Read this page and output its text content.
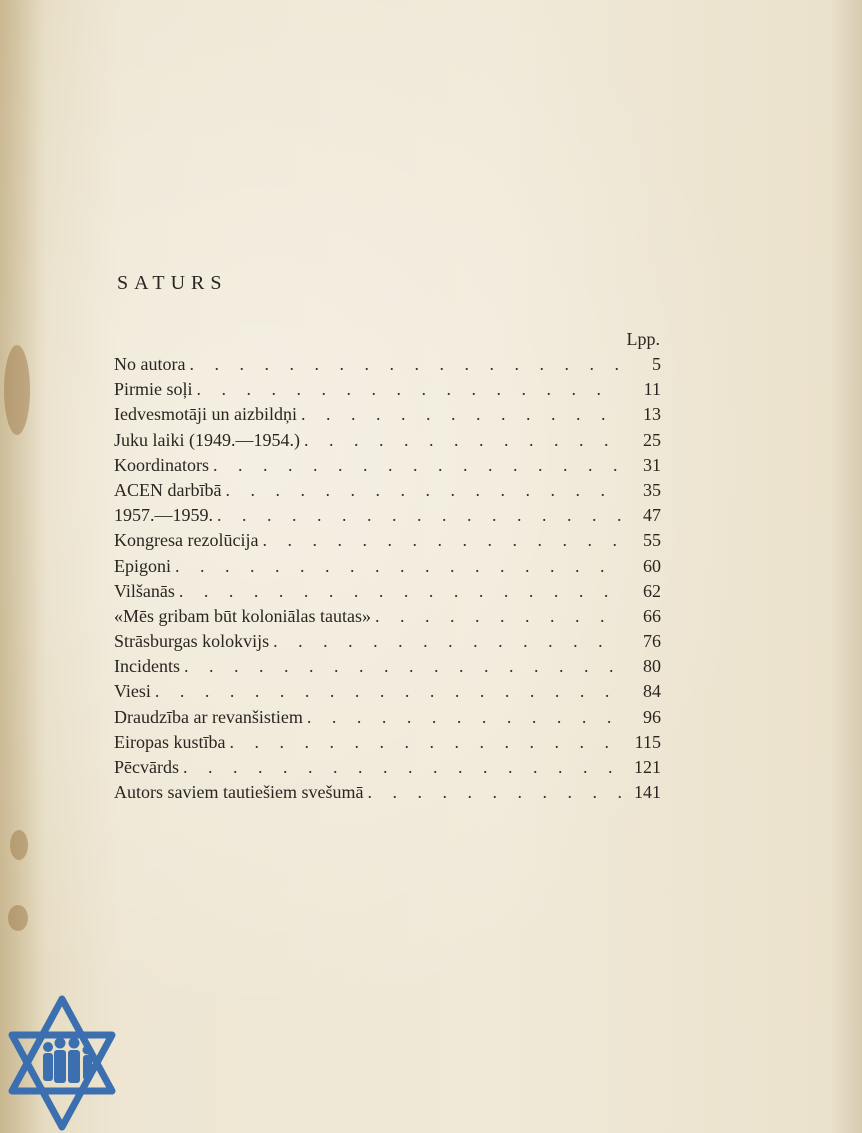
SATURS
Lpp.
No autora . . .	5
Pirmie soļi . . .	11
Iedvesmotāji un aizbildņi . . .	13
Juku laiki (1949.—1954.) . . .	25
Koordinators . . .	31
ACEN darbībā . . .	35
1957.—1959. . . .	47
Kongresa rezolūcija . . .	55
Epigoni . . .	60
Vilšanās . . .	62
«Mēs gribam būt koloniālas tautas» . . .	66
Strāsburgas kolokvijs . . .	76
Incidents . . .	80
Viesi . . .	84
Draudzība ar revanšistiem . . .	96
Eiropas kustība . . .	115
Pēcvārds . . .	121
Autors saviem tautiešiem svešumā . . .	141
